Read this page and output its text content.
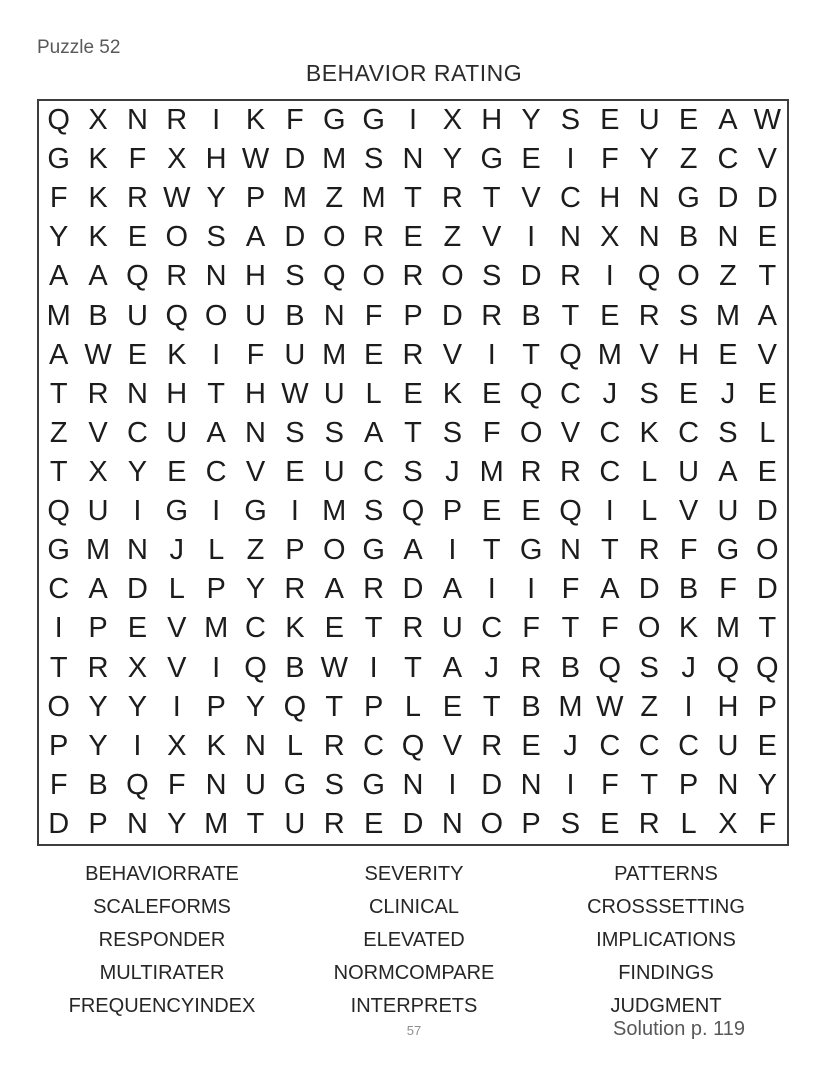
Puzzle 52
BEHAVIOR RATING
Q X N R I K F G G I X H Y S E U E A W
G K F X H W D M S N Y G E I F Y Z C V
F K R W Y P M Z M T R T V C H N G D D
Y K E O S A D O R E Z V I N X N B N E
A A Q R N H S Q O R O S D R I Q O Z T
M B U Q O U B N F P D R B T E R S M A
A W E K I F U M E R V I T Q M V H E V
T R N H T H W U L E K E Q C J S E J E
Z V C U A N S S A T S F O V C K C S L
T X Y E C V E U C S J M R R C L U A E
Q U I G I G I M S Q P E E Q I L V U D
G M N J L Z P O G A I T G N T R F G O
C A D L P Y R A R D A I	I F A D B F D
I P E V M C K E T R U C F T F O K M T
T R X V I Q B W I T A J R B Q S J Q Q
O Y Y I P Y Q T P L E T B M W Z I H P
P Y I X K N L R C Q V R E J C C C U E
F B Q F N U G S G N I D N I F T P N Y
D P N Y M T U R E D N O P S E R L X F
BEHAVIORRATE
SCALEFORMS
RESPONDER
MULTIRATER
FREQUENCYINDEX
SEVERITY
CLINICAL
ELEVATED
NORMCOMPARE
INTERPRETS
PATTERNS
CROSSSETTING
IMPLICATIONS
FINDINGS
JUDGMENT
57	Solution p. 119
